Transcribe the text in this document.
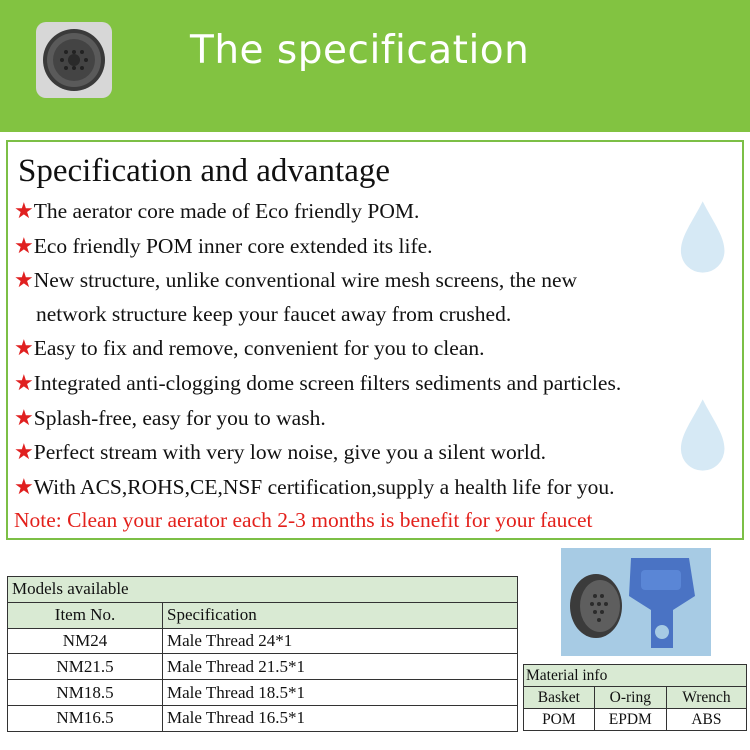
The specification
Specification and advantage
★The aerator core made of Eco friendly POM.
★Eco friendly POM inner core extended its life.
★New structure, unlike conventional wire mesh screens, the new
network structure keep your faucet away from crushed.
★Easy to fix and remove, convenient for you to clean.
★Integrated anti-clogging dome screen filters sediments and particles.
★Splash-free, easy for you to wash.
★Perfect stream with very low noise, give you a silent world.
★With ACS,ROHS,CE,NSF certification,supply a health life for you.
Note: Clean your aerator each 2-3 months is benefit for your faucet
Models available	
Item No.	Specification
NM24	Male Thread 24*1
NM21.5	Male Thread 21.5*1
NM18.5	Male Thread 18.5*1
NM16.5	Male Thread 16.5*1
Material info		
Basket	O-ring	Wrench
POM	EPDM	ABS
